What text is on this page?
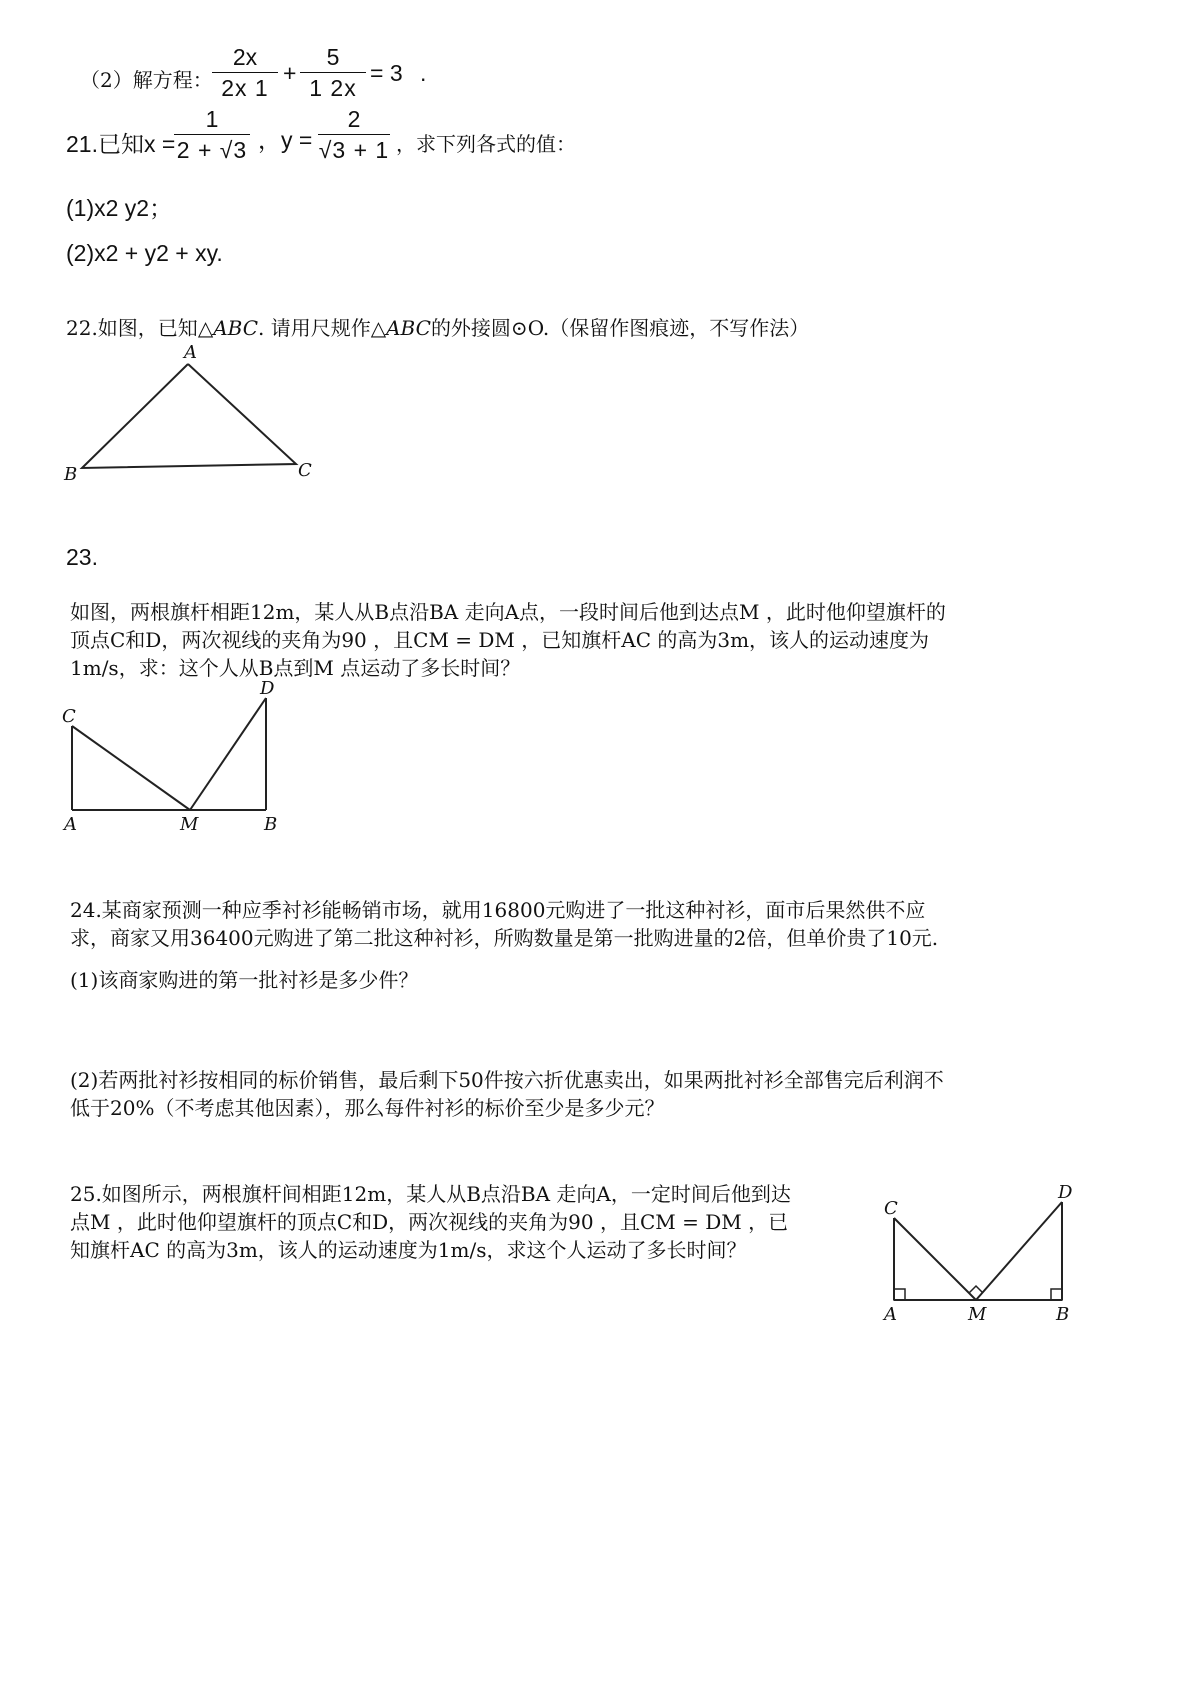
（2）解方程：
2x
2x 1
+
5
1 2x
= 3 .
21.已知x =
1
2 + √3 ，y =
2
√3 + 1 ，求下列各式的值：
(1)x2 y2；
(2)x2 + y2 + xy.
22.如图，已知△ABC. 请用尺规作△ABC的外接圆⊙O.（保留作图痕迹，不写作法）
A
B	C
23.
如图，两根旗杆相距12m，某人从B点沿BA 走向A点，一段时间后他到达点M ，此时他仰望旗杆的
顶点C和D，两次视线的夹角为90 ，且CM = DM ，已知旗杆AC 的高为3m，该人的运动速度为
1m/s，求：这个人从B点到M 点运动了多长时间？
C
D
A	M	B
24.某商家预测一种应季衬衫能畅销市场，就用16800元购进了一批这种衬衫，面市后果然供不应
求，商家又用36400元购进了第二批这种衬衫，所购数量是第一批购进量的2倍，但单价贵了10元.
(1)该商家购进的第一批衬衫是多少件？
(2)若两批衬衫按相同的标价销售，最后剩下50件按六折优惠卖出，如果两批衬衫全部售完后利润不
低于20%（不考虑其他因素），那么每件衬衫的标价至少是多少元？
25.如图所示，两根旗杆间相距12m，某人从B点沿BA 走向A，一定时间后他到达
点M ，此时他仰望旗杆的顶点C和D，两次视线的夹角为90 ，且CM = DM ，已
知旗杆AC 的高为3m，该人的运动速度为1m/s，求这个人运动了多长时间？
C
D
A	M	B
